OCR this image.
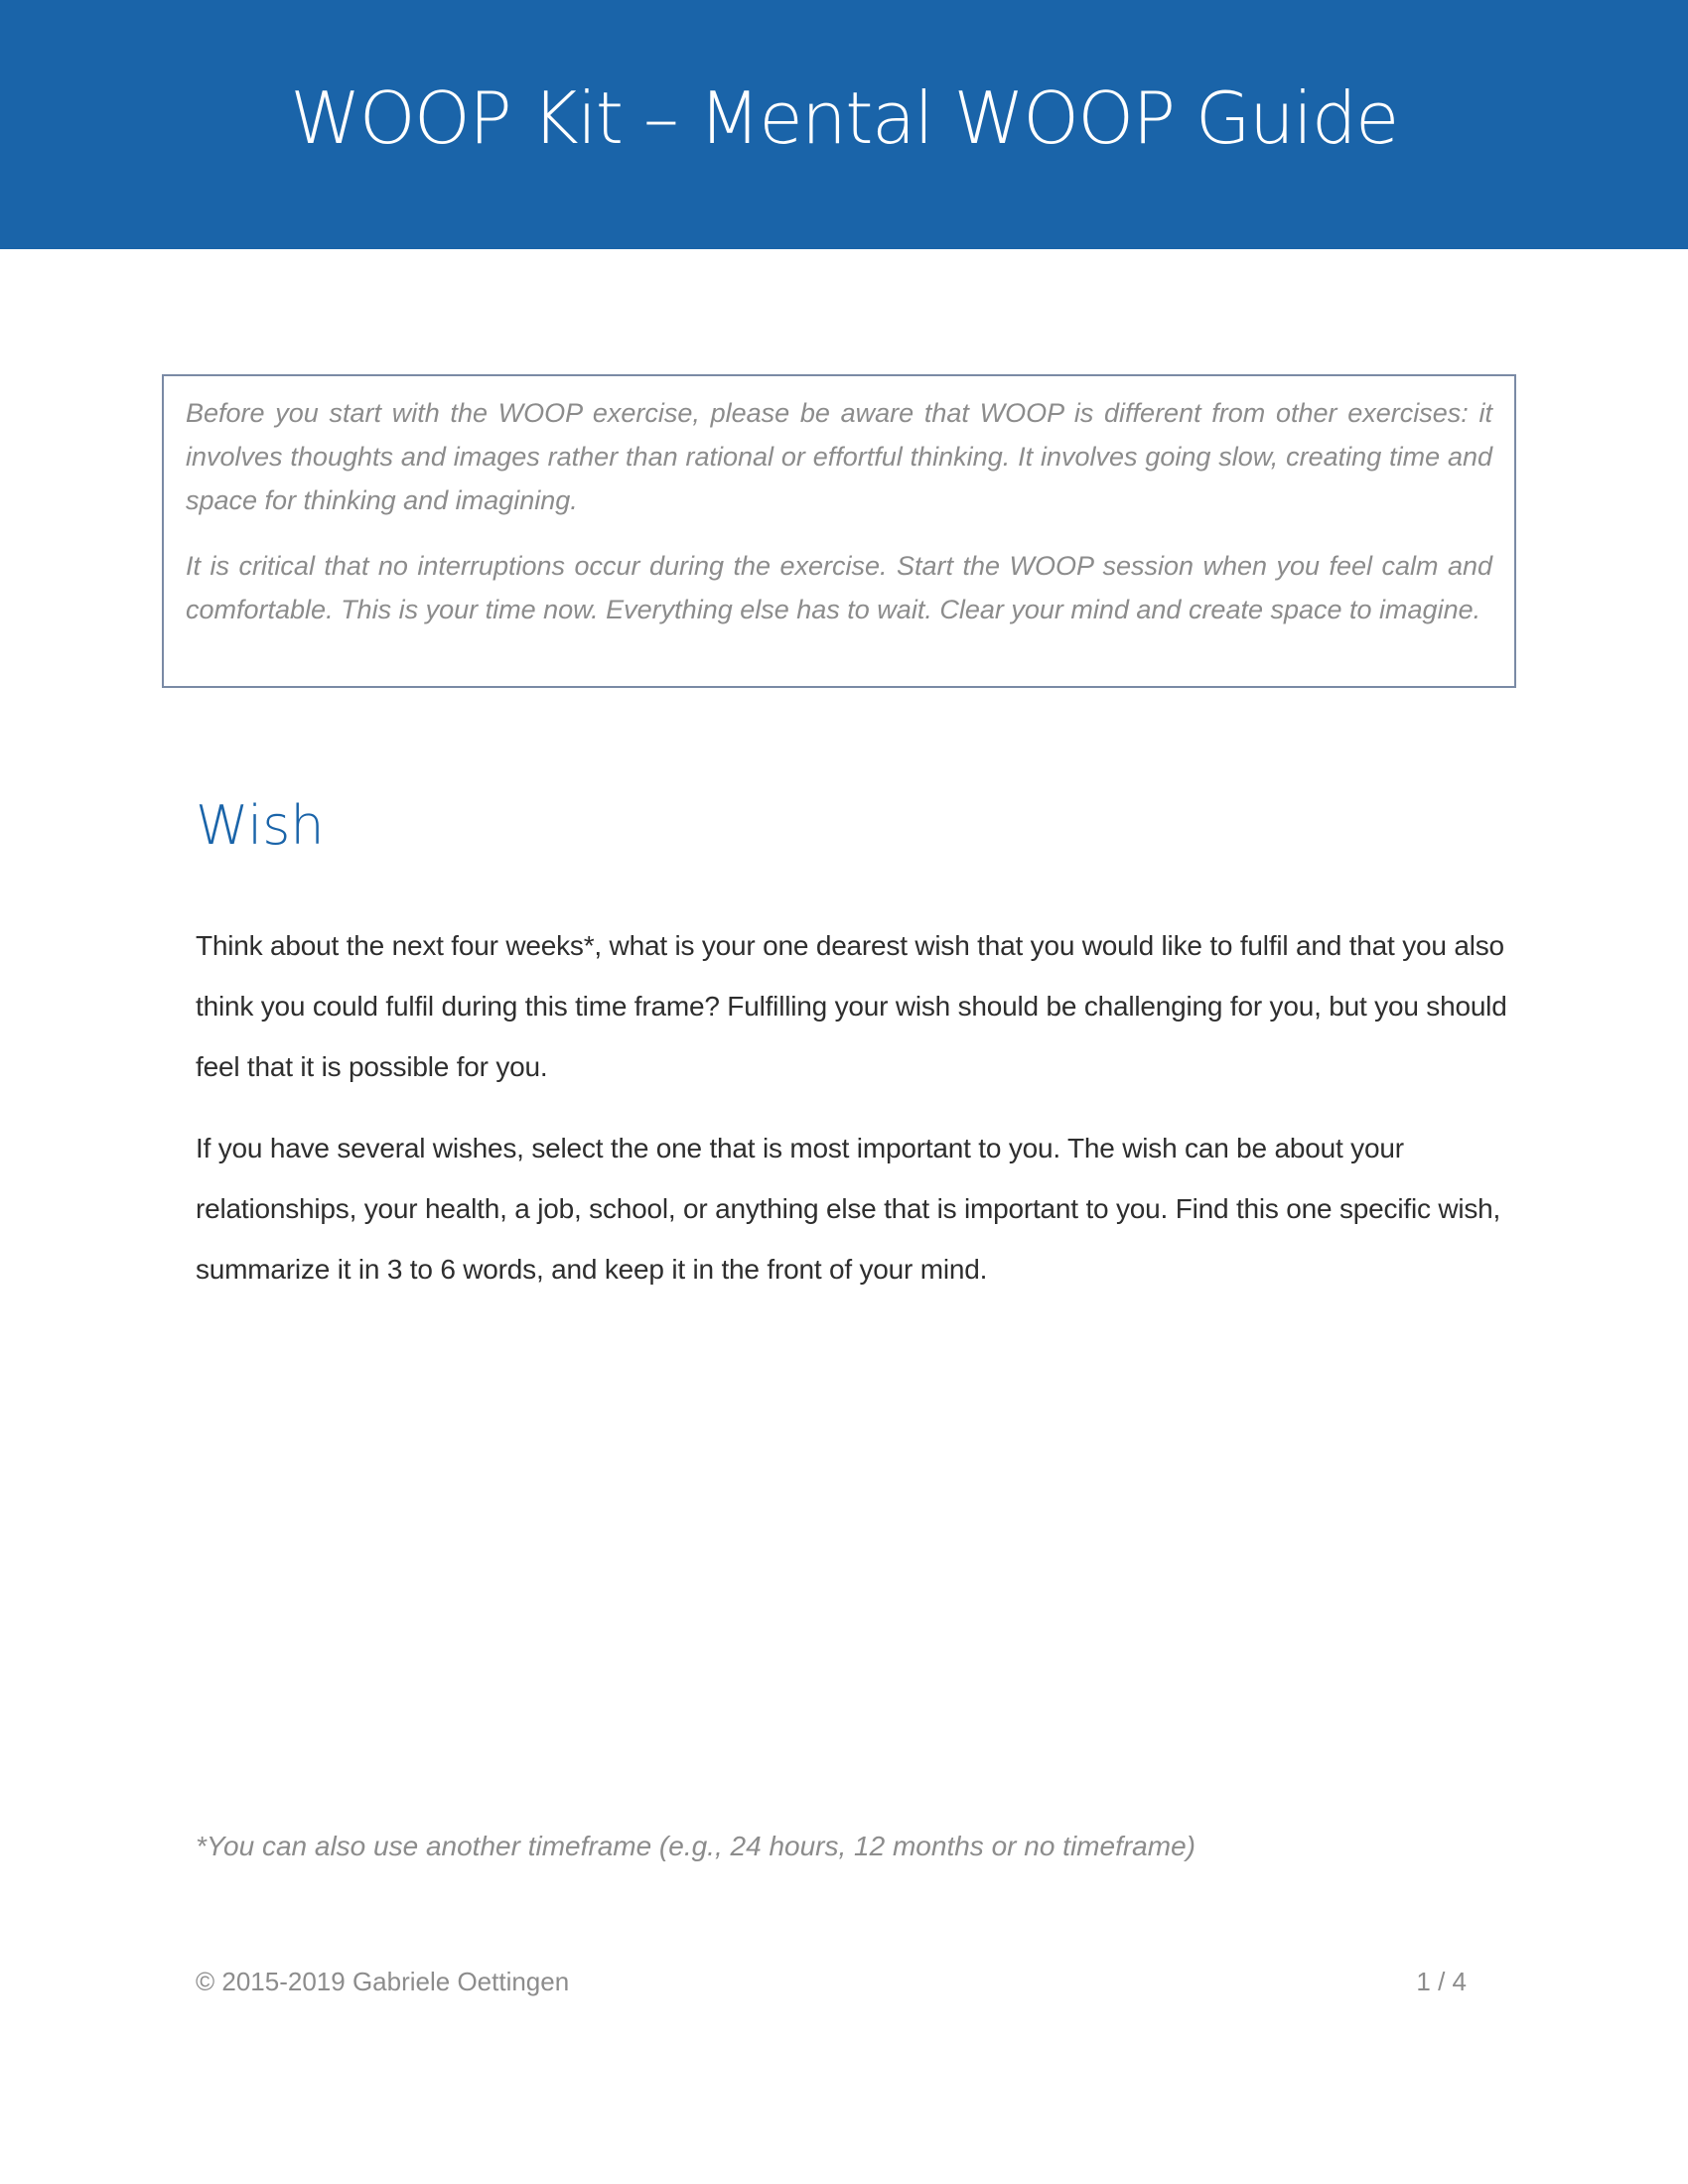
WOOP Kit – Mental WOOP Guide

Before you start with the WOOP exercise, please be aware that WOOP is different from other exercises: it involves thoughts and images rather than rational or effortful thinking. It involves going slow, creating time and space for thinking and imagining.

It is critical that no interruptions occur during the exercise. Start the WOOP session when you feel calm and comfortable. This is your time now. Everything else has to wait. Clear your mind and create space to imagine.

Wish

Think about the next four weeks*, what is your one dearest wish that you would like to fulfil and that you also think you could fulfil during this time frame? Fulfilling your wish should be challenging for you, but you should feel that it is possible for you.

If you have several wishes, select the one that is most important to you. The wish can be about your relationships, your health, a job, school, or anything else that is important to you. Find this one specific wish, summarize it in 3 to 6 words, and keep it in the front of your mind.

*You can also use another timeframe (e.g., 24 hours, 12 months or no timeframe)
© 2015-2019 Gabriele Oettingen	1 / 4
